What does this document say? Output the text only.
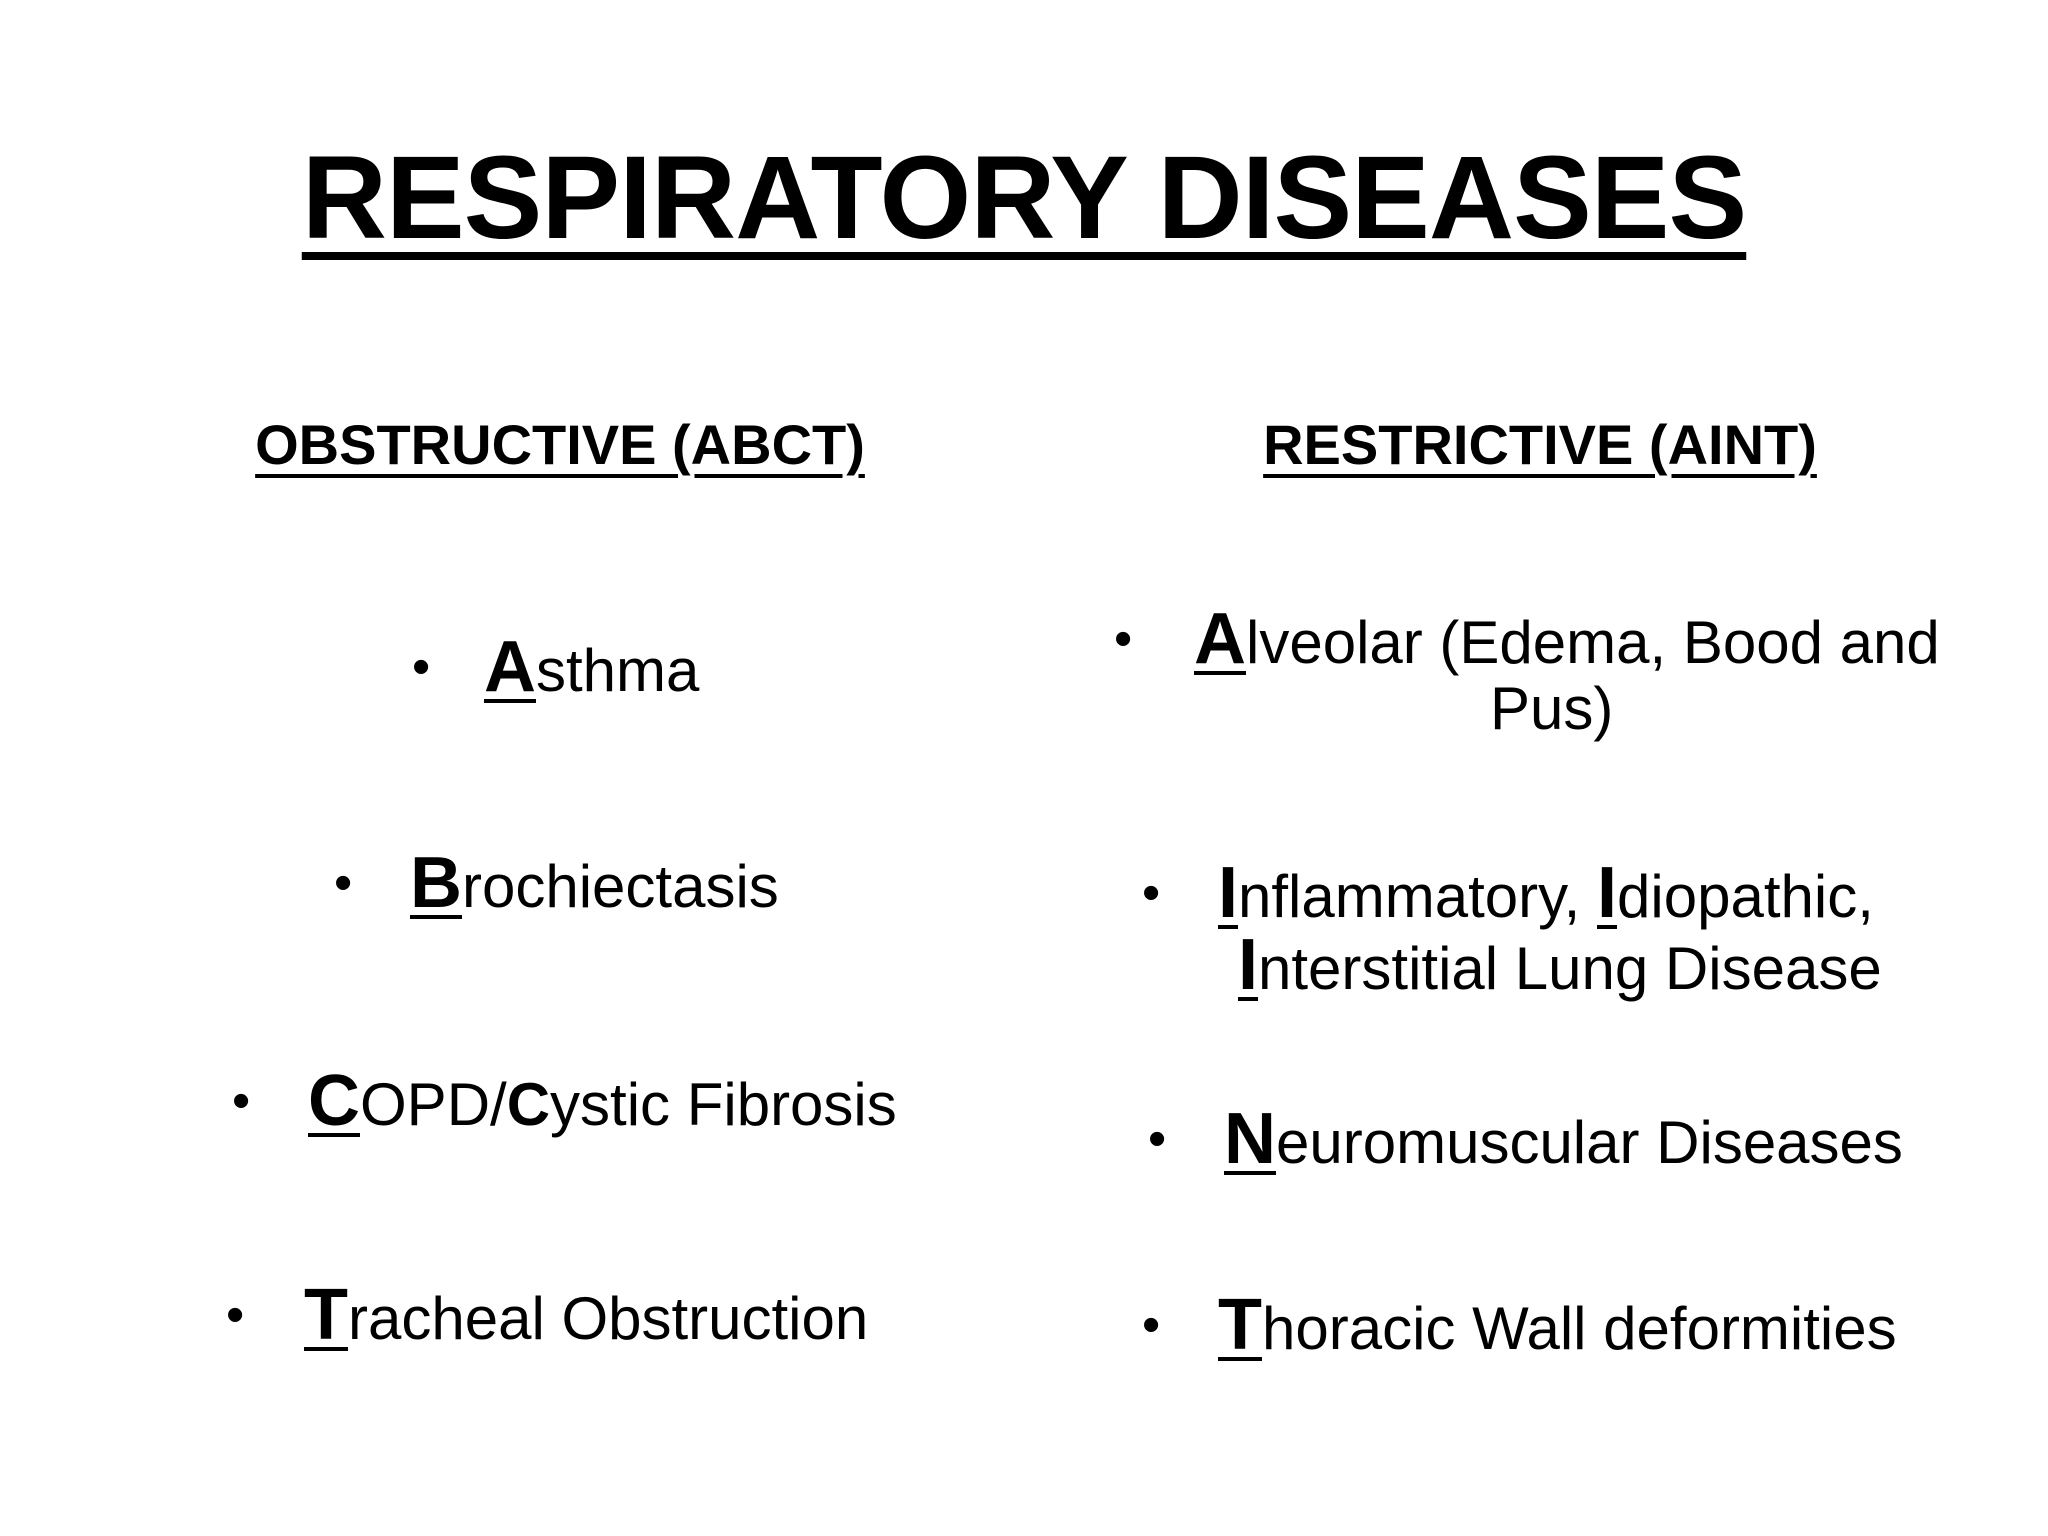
RESPIRATORY DISEASES
OBSTRUCTIVE (ABCT)	RESTRICTIVE (AINT)
• Asthma
• Brochiectasis
• COPD/Cystic Fibrosis
• Tracheal Obstruction
• Alveolar (Edema, Bood and
Pus)
• Inflammatory, Idiopathic,
Interstitial Lung Disease
• Neuromuscular Diseases
• Thoracic Wall deformities
